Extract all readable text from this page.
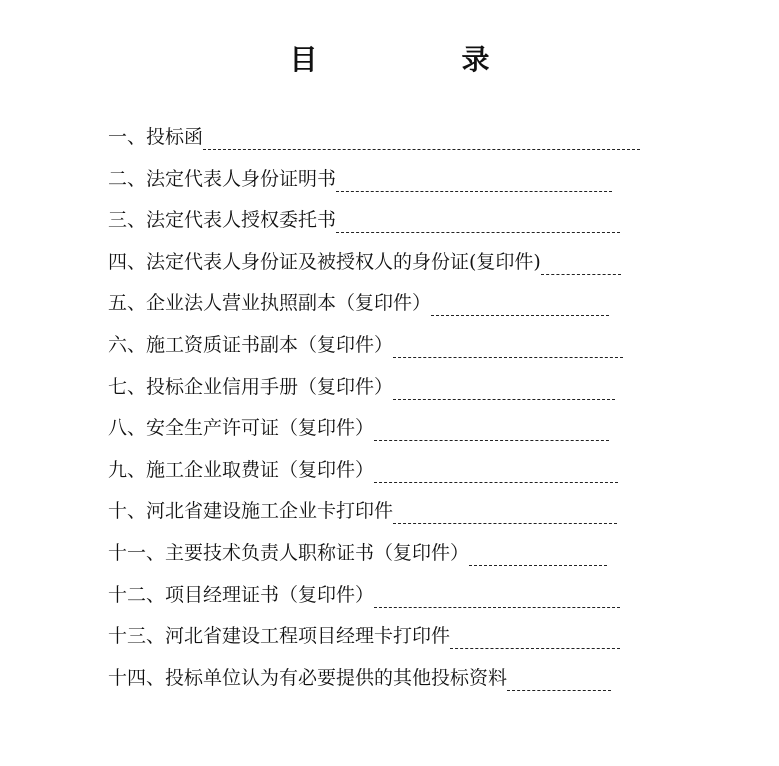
目　录
一、 投标函
二、 法定代表人身份证明书
三、 法定代表人授权委托书
四、 法定代表人身份证及被授权人的身份证(复印件)
五、 企业法人营业执照副本（复印件）
六、 施工资质证书副本（复印件）
七、 投标企业信用手册（复印件）
八、 安全生产许可证（复印件）
九、 施工企业取费证（复印件）
十、 河北省建设施工企业卡打印件
十一、 主要技术负责人职称证书（复印件）
十二、 项目经理证书（复印件）
十三、 河北省建设工程项目经理卡打印件
十四、 投标单位认为有必要提供的其他投标资料
